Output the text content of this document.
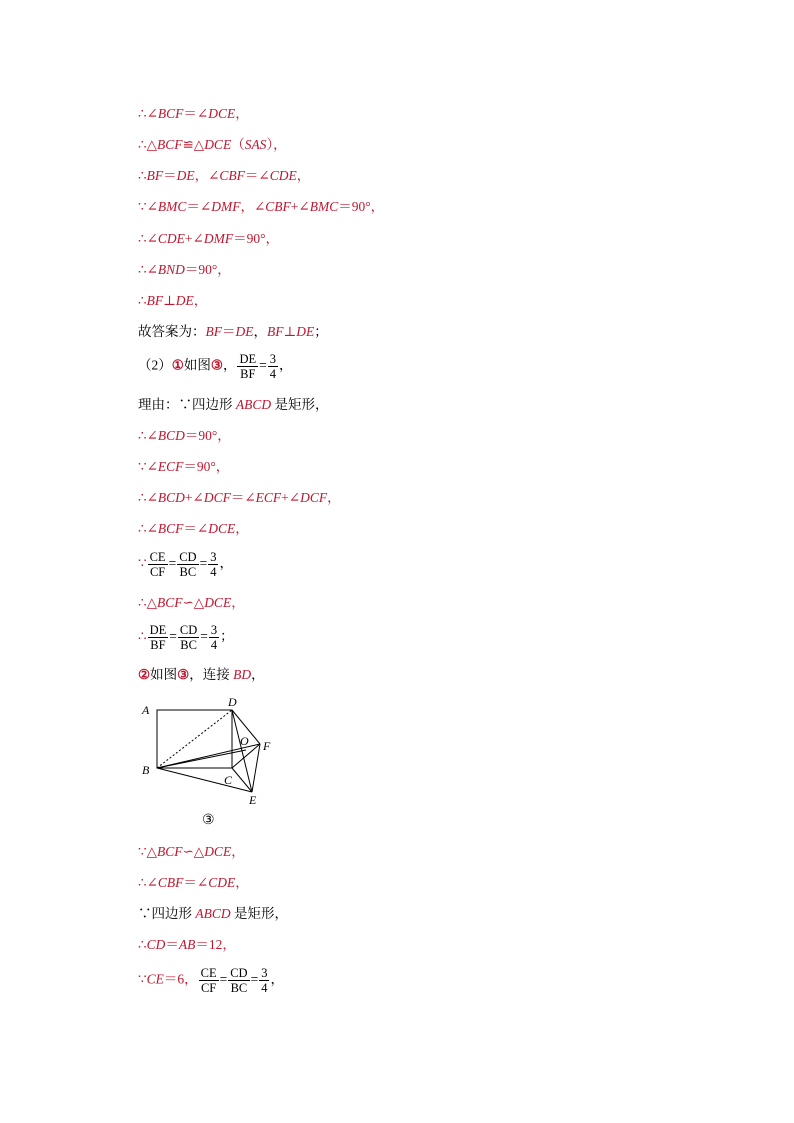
∴∠BCF＝∠DCE，
∴△BCF≌△DCE（SAS），
∴BF＝DE，∠CBF＝∠CDE，
∵∠BMC＝∠DMF，∠CBF+∠BMC＝90°，
∴∠CDE+∠DMF＝90°，
∴∠BND＝90°，
∴BF⊥DE，
故答案为：BF＝DE，BF⊥DE；
（2）①如图③， $\frac{DE}{BF} = \frac{3}{4}$ ，
理由：∵四边形 ABCD 是矩形，
∴∠BCD＝90°，
∵∠ECF＝90°，
∴∠BCD+∠DCF＝∠ECF+∠DCF，
∴∠BCF＝∠DCE，
∵ $\frac{CE}{CF} = \frac{CD}{BC} = \frac{3}{4}$ ，
∴△BCF∽△DCE，
∴ $\frac{DE}{BF} = \frac{CD}{BC} = \frac{3}{4}$ ；
②如图③，连接 BD，
∵△BCF∽△DCE，
∴∠CBF＝∠CDE，
∵四边形 ABCD 是矩形，
∴CD＝AB＝12，
∵CE＝6， $\frac{CE}{CF} = \frac{CD}{BC} = \frac{3}{4}$ ，
A
B
C
D
O F
E
③
